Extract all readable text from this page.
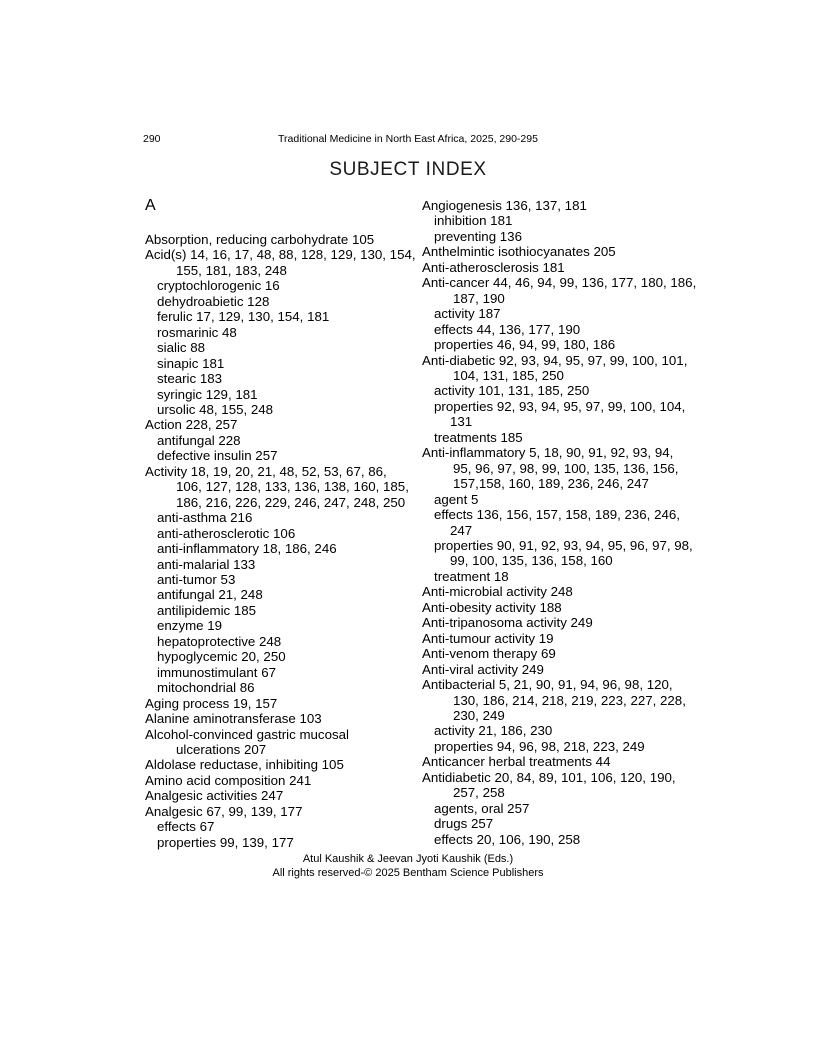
290	Traditional Medicine in North East Africa, 2025, 290-295
SUBJECT INDEX
A
Absorption, reducing carbohydrate 105
Acid(s) 14, 16, 17, 48, 88, 128, 129, 130, 154,
155, 181, 183, 248
cryptochlorogenic 16
dehydroabietic 128
ferulic 17, 129, 130, 154, 181
rosmarinic 48
sialic 88
sinapic 181
stearic 183
syringic 129, 181
ursolic 48, 155, 248
Action 228, 257
antifungal 228
defective insulin 257
Activity 18, 19, 20, 21, 48, 52, 53, 67, 86,
106, 127, 128, 133, 136, 138, 160, 185,
186, 216, 226, 229, 246, 247, 248, 250
anti-asthma 216
anti-atherosclerotic 106
anti-inflammatory 18, 186, 246
anti-malarial 133
anti-tumor 53
antifungal 21, 248
antilipidemic 185
enzyme 19
hepatoprotective 248
hypoglycemic 20, 250
immunostimulant 67
mitochondrial 86
Aging process 19, 157
Alanine aminotransferase 103
Alcohol-convinced gastric mucosal
ulcerations 207
Aldolase reductase, inhibiting 105
Amino acid composition 241
Analgesic activities 247
Analgesic 67, 99, 139, 177
effects 67
properties 99, 139, 177
Angiogenesis 136, 137, 181
inhibition 181
preventing 136
Anthelmintic isothiocyanates 205
Anti-atherosclerosis 181
Anti-cancer 44, 46, 94, 99, 136, 177, 180, 186,
187, 190
activity 187
effects 44, 136, 177, 190
properties 46, 94, 99, 180, 186
Anti-diabetic 92, 93, 94, 95, 97, 99, 100, 101,
104, 131, 185, 250
activity 101, 131, 185, 250
properties 92, 93, 94, 95, 97, 99, 100, 104,
131
treatments 185
Anti-inflammatory 5, 18, 90, 91, 92, 93, 94,
95, 96, 97, 98, 99, 100, 135, 136, 156,
157,158, 160, 189, 236, 246, 247
agent 5
effects 136, 156, 157, 158, 189, 236, 246,
247
properties 90, 91, 92, 93, 94, 95, 96, 97, 98,
99, 100, 135, 136, 158, 160
treatment 18
Anti-microbial activity 248
Anti-obesity activity 188
Anti-tripanosoma activity 249
Anti-tumour activity 19
Anti-venom therapy 69
Anti-viral activity 249
Antibacterial 5, 21, 90, 91, 94, 96, 98, 120,
130, 186, 214, 218, 219, 223, 227, 228,
230, 249
activity 21, 186, 230
properties 94, 96, 98, 218, 223, 249
Anticancer herbal treatments 44
Antidiabetic 20, 84, 89, 101, 106, 120, 190,
257, 258
agents, oral 257
drugs 257
effects 20, 106, 190, 258
Atul Kaushik & Jeevan Jyoti Kaushik (Eds.)
All rights reserved-© 2025 Bentham Science Publishers
